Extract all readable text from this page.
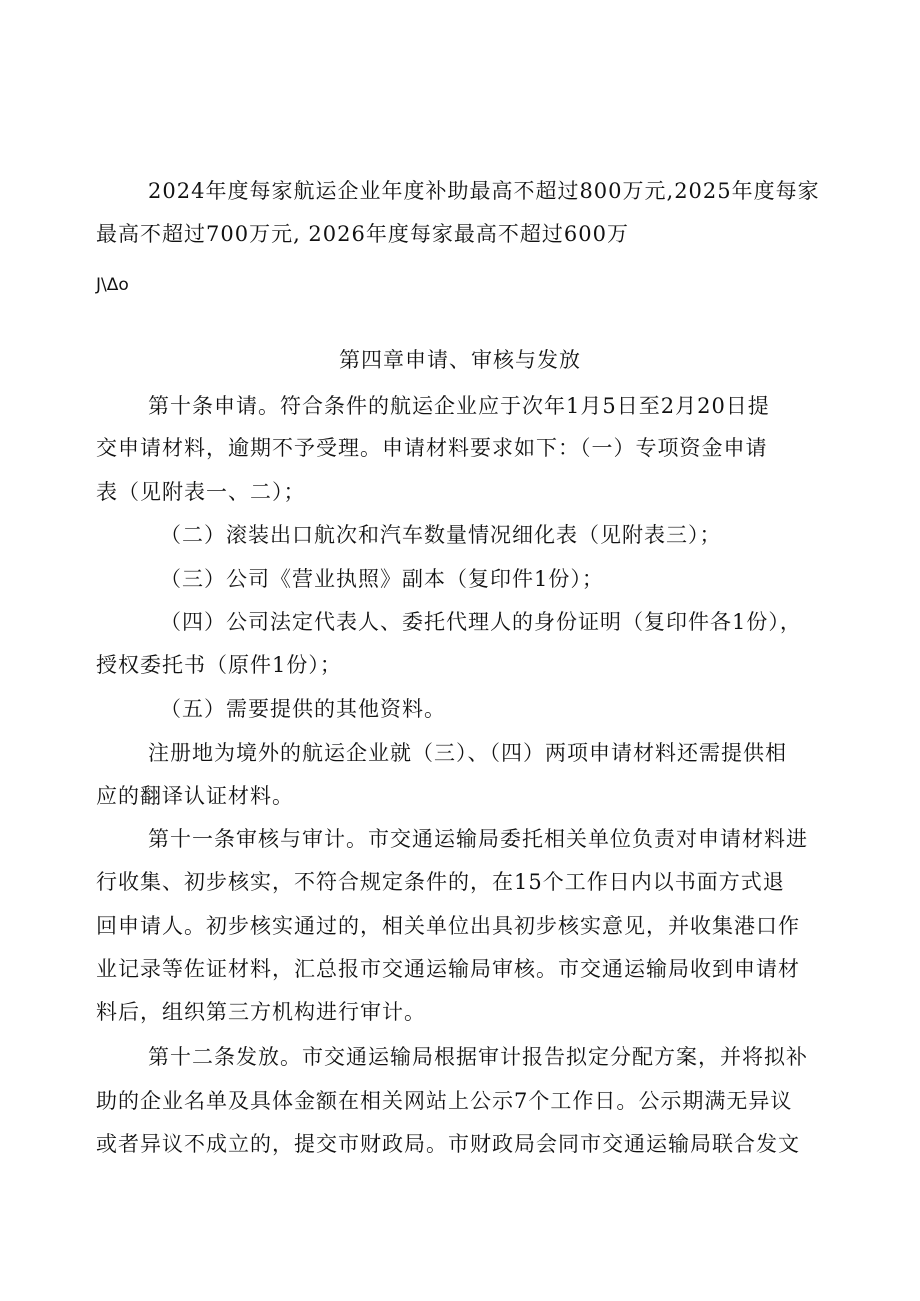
2024年度每家航运企业年度补助最高不超过800万元,2025年度每家
最高不超过700万元, 2026年度每家最高不超过600万
J\Δo
第四章申请、审核与发放
第十条申请。符合条件的航运企业应于次年1月5日至2月20日提
交申请材料，逾期不予受理。申请材料要求如下：（一）专项资金申请
表（见附表一、二）；
（二）滚装出口航次和汽车数量情况细化表（见附表三）；
（三）公司《营业执照》副本（复印件1份）；
（四）公司法定代表人、委托代理人的身份证明（复印件各1份），
授权委托书（原件1份）；
（五）需要提供的其他资料。
注册地为境外的航运企业就（三）、（四）两项申请材料还需提供相
应的翻译认证材料。
第十一条审核与审计。市交通运输局委托相关单位负责对申请材料进
行收集、初步核实，不符合规定条件的，在15个工作日内以书面方式退
回申请人。初步核实通过的，相关单位出具初步核实意见，并收集港口作
业记录等佐证材料，汇总报市交通运输局审核。市交通运输局收到申请材
料后，组织第三方机构进行审计。
第十二条发放。市交通运输局根据审计报告拟定分配方案，并将拟补
助的企业名单及具体金额在相关网站上公示7个工作日。公示期满无异议
或者异议不成立的，提交市财政局。市财政局会同市交通运输局联合发文
